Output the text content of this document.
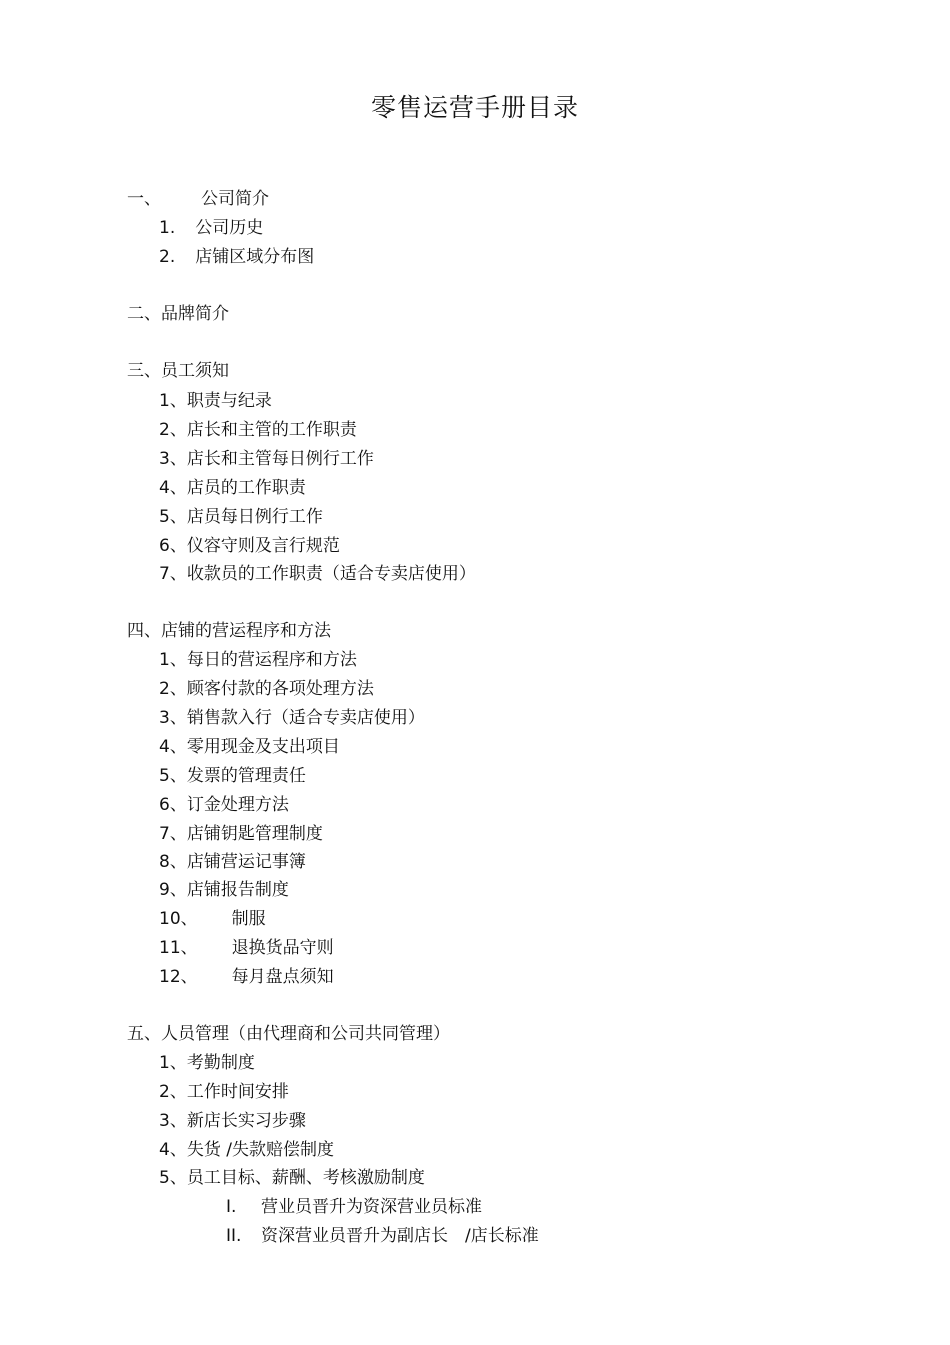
零售运营手册目录
一、 公司简介
1. 公司历史
2. 店铺区域分布图
二、品牌简介
三、员工须知
1、职责与纪录
2、店长和主管的工作职责
3、店长和主管每日例行工作
4、店员的工作职责
5、店员每日例行工作
6、仪容守则及言行规范
7、收款员的工作职责（适合专卖店使用）
四、店铺的营运程序和方法
1、每日的营运程序和方法
2、顾客付款的各项处理方法
3、销售款入行（适合专卖店使用）
4、零用现金及支出项目
5、发票的管理责任
6、订金处理方法
7、店铺钥匙管理制度
8、店铺营运记事簿
9、店铺报告制度
10、 制服
11、 退换货品守则
12、 每月盘点须知
五、人员管理（由代理商和公司共同管理）
1、考勤制度
2、工作时间安排
3、新店长实习步骤
4、失货 /失款赔偿制度
5、员工目标、薪酬、考核激励制度
I. 营业员晋升为资深营业员标准
II. 资深营业员晋升为副店长　/店长标准
